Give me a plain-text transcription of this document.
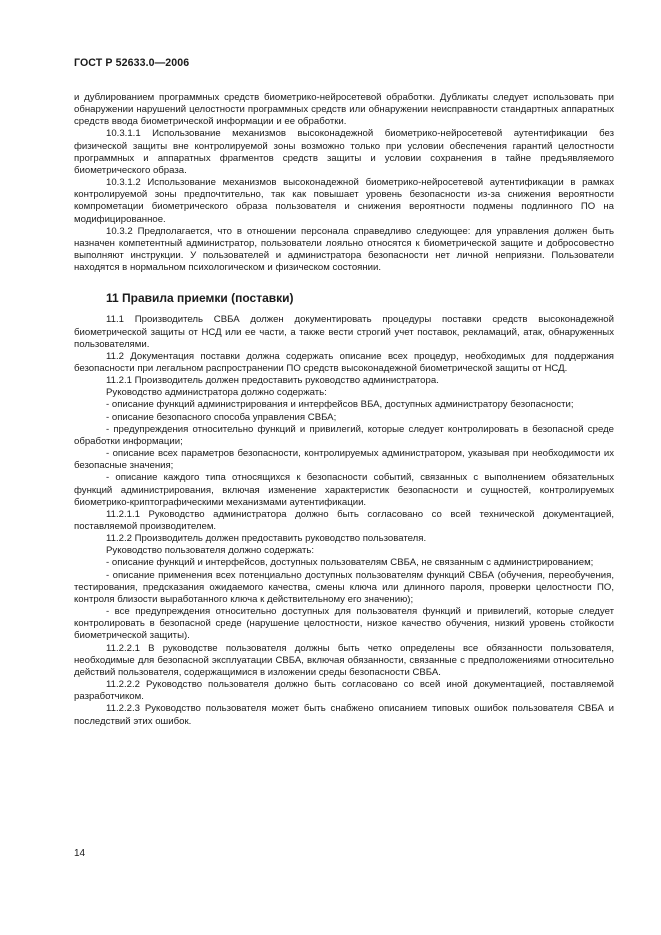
ГОСТ Р 52633.0—2006

и дублированием программных средств биометрико-нейросетевой обработки. Дубликаты следует использовать при обнаружении нарушений целостности программных средств или обнаружении неисправности стандартных аппаратных средств ввода биометрической информации и ее обработки.

10.3.1.1 Использование механизмов высоконадежной биометрико-нейросетевой аутентификации без физической защиты вне контролируемой зоны возможно только при условии обеспечения гарантий целостности программных и аппаратных фрагментов средств защиты и условии сохранения в тайне предъявляемого биометрического образа.

10.3.1.2 Использование механизмов высоконадежной биометрико-нейросетевой аутентификации в рамках контролируемой зоны предпочтительно, так как повышает уровень безопасности из-за снижения вероятности компрометации биометрического образа пользователя и снижения вероятности подмены подлинного ПО на модифицированное.

10.3.2 Предполагается, что в отношении персонала справедливо следующее: для управления должен быть назначен компетентный администратор, пользователи лояльно относятся к биометрической защите и добросовестно выполняют инструкции. У пользователей и администратора безопасности нет личной неприязни. Пользователи находятся в нормальном психологическом и физическом состоянии.

11 Правила приемки (поставки)

11.1 Производитель CBБА должен документировать процедуры поставки средств высоконадежной биометрической защиты от НСД или ее части, а также вести строгий учет поставок, рекламаций, атак, обнаруженных пользователями.

11.2 Документация поставки должна содержать описание всех процедур, необходимых для поддержания безопасности при легальном распространении ПО средств высоконадежной биометрической защиты от НСД.

11.2.1 Производитель должен предоставить руководство администратора.

Руководство администратора должно содержать:

- описание функций администрирования и интерфейсов ВБА, доступных администратору безопасности;

- описание безопасного способа управления СВБА;

- предупреждения относительно функций и привилегий, которые следует контролировать в безопасной среде обработки информации;

- описание всех параметров безопасности, контролируемых администратором, указывая при необходимости их безопасные значения;

- описание каждого типа относящихся к безопасности событий, связанных с выполнением обязательных функций администрирования, включая изменение характеристик безопасности и сущностей, контролируемых биометрико-криптографическими механизмами аутентификации.

11.2.1.1 Руководство администратора должно быть согласовано со всей технической документацией, поставляемой производителем.

11.2.2 Производитель должен предоставить руководство пользователя.

Руководство пользователя должно содержать:

- описание функций и интерфейсов, доступных пользователям СВБА, не связанным с администрированием;

- описание применения всех потенциально доступных пользователям функций СВБА (обучения, переобучения, тестирования, предсказания ожидаемого качества, смены ключа или длинного пароля, проверки целостности ПО, контроля близости выработанного ключа к действительному его значению);

- все предупреждения относительно доступных для пользователя функций и привилегий, которые следует контролировать в безопасной среде (нарушение целостности, низкое качество обучения, низкий уровень стойкости биометрической защиты).

11.2.2.1 В руководстве пользователя должны быть четко определены все обязанности пользователя, необходимые для безопасной эксплуатации СВБА, включая обязанности, связанные с предположениями относительно действий пользователя, содержащимися в изложении среды безопасности СВБА.

11.2.2.2 Руководство пользователя должно быть согласовано со всей иной документацией, поставляемой разработчиком.

11.2.2.3 Руководство пользователя может быть снабжено описанием типовых ошибок пользователя СВБА и последствий этих ошибок.

14
